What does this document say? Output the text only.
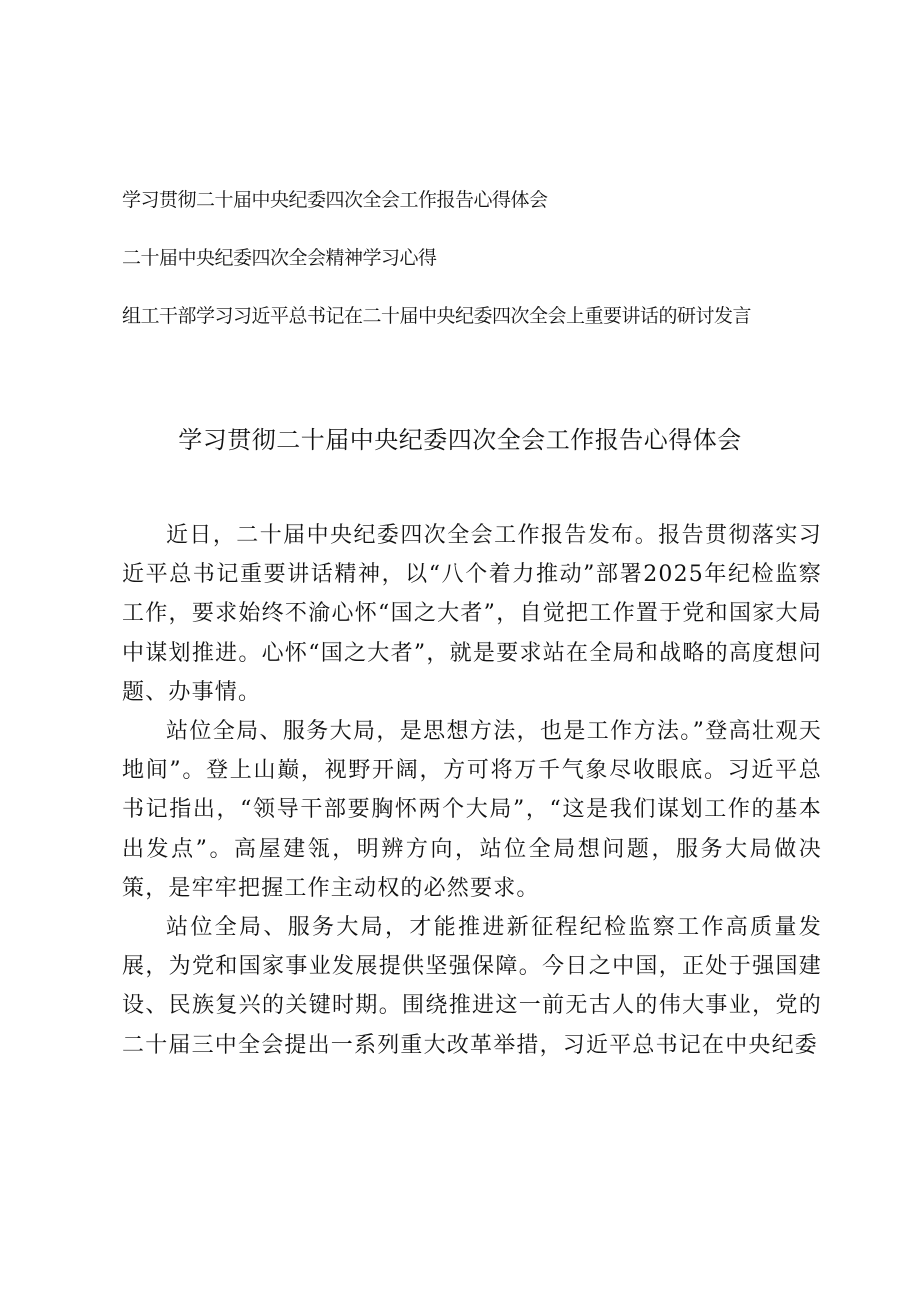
学习贯彻二十届中央纪委四次全会工作报告心得体会
二十届中央纪委四次全会精神学习心得
组工干部学习习近平总书记在二十届中央纪委四次全会上重要讲话的研讨发言
学习贯彻二十届中央纪委四次全会工作报告心得体会

近日，二十届中央纪委四次全会工作报告发布。报告贯彻落实习近平总书记重要讲话精神，以“八个着力推动”部署2025年纪检监察工作，要求始终不渝心怀“国之大者”，自觉把工作置于党和国家大局中谋划推进。心怀“国之大者”，就是要求站在全局和战略的高度想问题、办事情。

站位全局、服务大局，是思想方法，也是工作方法。”登高壮观天地间”。登上山巅，视野开阔，方可将万千气象尽收眼底。习近平总书记指出，“领导干部要胸怀两个大局”，“这是我们谋划工作的基本出发点”。高屋建瓴，明辨方向，站位全局想问题，服务大局做决策，是牢牢把握工作主动权的必然要求。

站位全局、服务大局，才能推进新征程纪检监察工作高质量发展，为党和国家事业发展提供坚强保障。今日之中国，正处于强国建设、民族复兴的关键时期。围绕推进这一前无古人的伟大事业，党的二十届三中全会提出一系列重大改革举措，习近平总书记在中央纪委
